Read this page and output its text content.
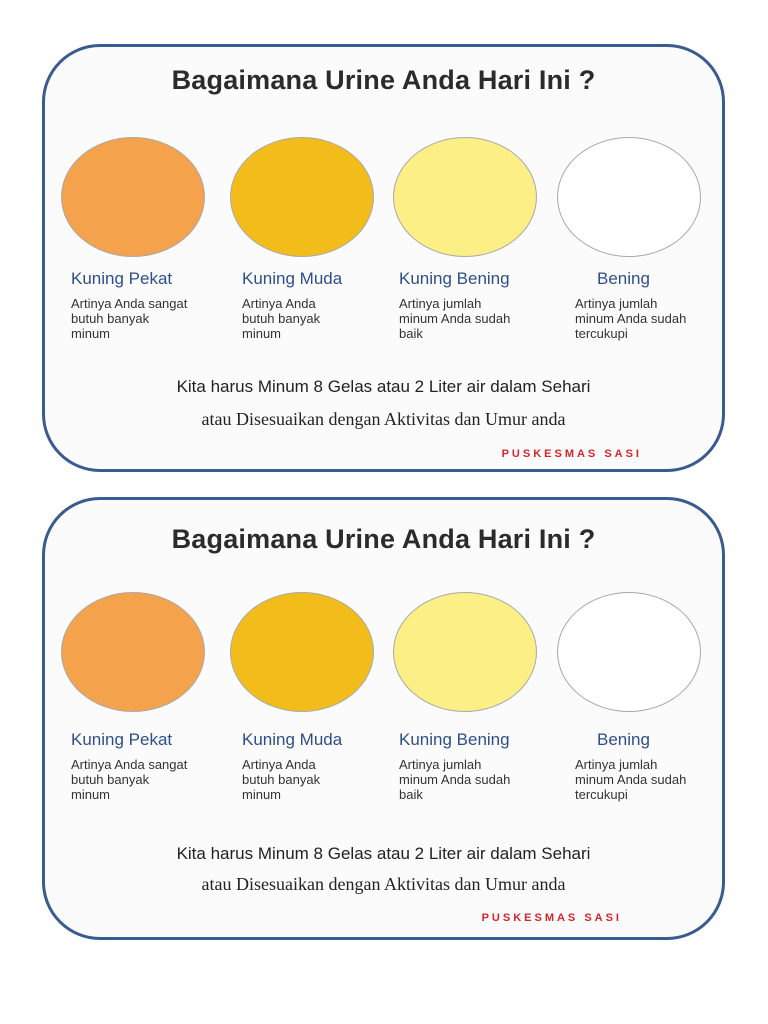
Bagaimana Urine Anda Hari Ini ?
Kuning Pekat
Artinya Anda sangat
butuh banyak
minum
Kuning Muda
Artinya Anda
butuh banyak
minum
Kuning Bening
Artinya jumlah
minum Anda sudah
baik
Bening
Artinya jumlah
minum Anda sudah
tercukupi
Kita harus Minum 8 Gelas atau 2 Liter air dalam Sehari
atau Disesuaikan dengan Aktivitas dan Umur anda
PUSKESMAS SASI
Bagaimana Urine Anda Hari Ini ?
Kuning Pekat
Artinya Anda sangat
butuh banyak
minum
Kuning Muda
Artinya Anda
butuh banyak
minum
Kuning Bening
Artinya jumlah
minum Anda sudah
baik
Bening
Artinya jumlah
minum Anda sudah
tercukupi
Kita harus Minum 8 Gelas atau 2 Liter air dalam Sehari
atau Disesuaikan dengan Aktivitas dan Umur anda
PUSKESMAS SASI
